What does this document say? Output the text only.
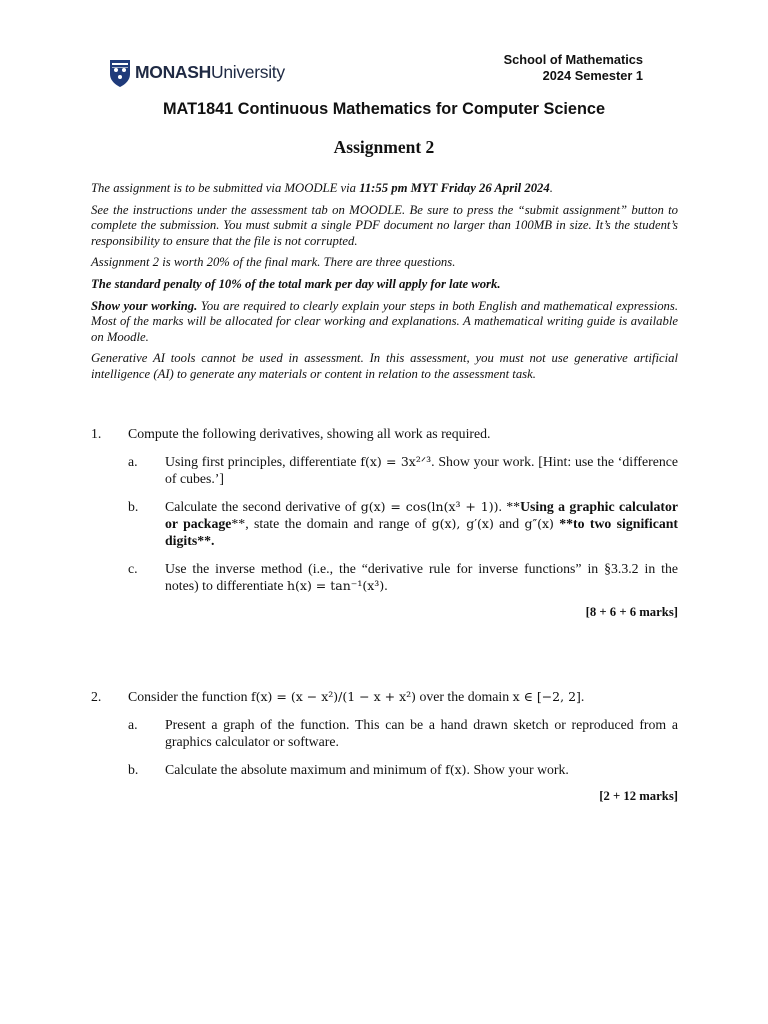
MONASHUniversity
School of Mathematics
2024 Semester 1
MAT1841 Continuous Mathematics for Computer Science
Assignment 2

The assignment is to be submitted via MOODLE via 11:55 pm MYT Friday 26 April 2024.

See the instructions under the assessment tab on MOODLE. Be sure to press the “submit assignment” button to complete the submission. You must submit a single PDF document no larger than 100MB in size. It’s the student’s responsibility to ensure that the file is not corrupted.

Assignment 2 is worth 20% of the final mark. There are three questions.

The standard penalty of 10% of the total mark per day will apply for late work.

Show your working. You are required to clearly explain your steps in both English and mathematical expressions. Most of the marks will be allocated for clear working and explanations. A mathematical writing guide is available on Moodle.

Generative AI tools cannot be used in assessment. In this assessment, you must not use generative artificial intelligence (AI) to generate any materials or content in relation to the assessment task.

1.	Compute the following derivatives, showing all work as required.
a.	Using first principles, differentiate f(x) = 3x²ᐟ³. Show your work. [Hint: use the ‘difference of cubes.’]
b.	Calculate the second derivative of g(x) = cos(ln(x³ + 1)). **Using a graphic calculator or package**, state the domain and range of g(x), g′(x) and g″(x) **to two significant digits**.
c.	Use the inverse method (i.e., the “derivative rule for inverse functions” in §3.3.2 in the notes) to differentiate h(x) = tan⁻¹(x³).
[8 + 6 + 6 marks]
2.	Consider the function f(x) = (x − x²)/(1 − x + x²) over the domain x ∈ [−2, 2].
a.	Present a graph of the function. This can be a hand drawn sketch or reproduced from a graphics calculator or software.
b.	Calculate the absolute maximum and minimum of f(x). Show your work.
[2 + 12 marks]
